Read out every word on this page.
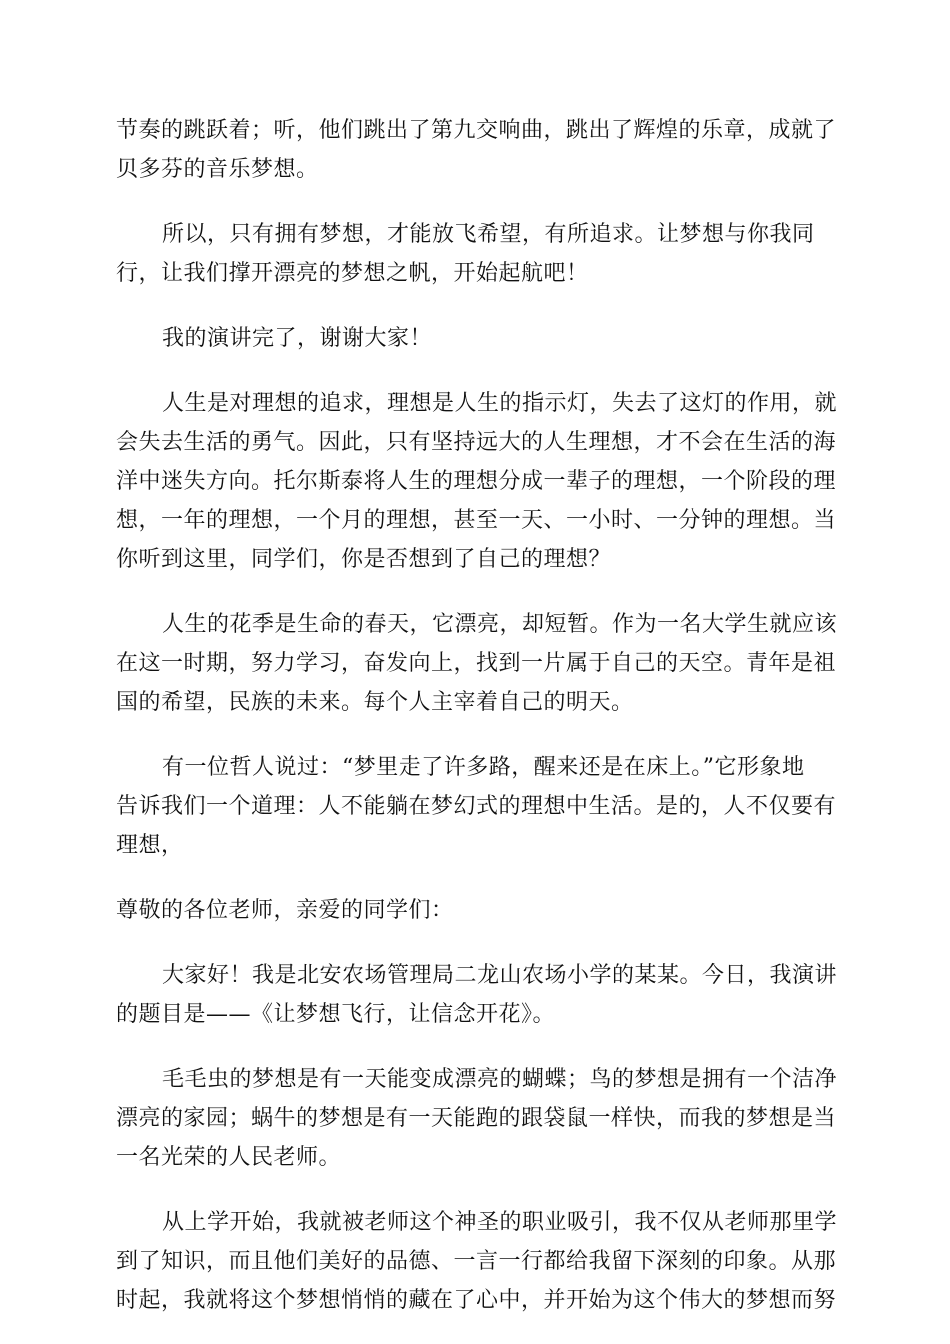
节奏的跳跃着；听，他们跳出了第九交响曲，跳出了辉煌的乐章，成就了
贝多芬的音乐梦想。
所以，只有拥有梦想，才能放飞希望，有所追求。让梦想与你我同
行，让我们撑开漂亮的梦想之帆，开始起航吧！
我的演讲完了，谢谢大家！
人生是对理想的追求，理想是人生的指示灯，失去了这灯的作用，就
会失去生活的勇气。因此，只有坚持远大的人生理想，才不会在生活的海
洋中迷失方向。托尔斯泰将人生的理想分成一辈子的理想，一个阶段的理
想，一年的理想，一个月的理想，甚至一天、一小时、一分钟的理想。当
你听到这里，同学们，你是否想到了自己的理想？
人生的花季是生命的春天，它漂亮，却短暂。作为一名大学生就应该
在这一时期，努力学习，奋发向上，找到一片属于自己的天空。青年是祖
国的希望，民族的未来。每个人主宰着自己的明天。
有一位哲人说过：“梦里走了许多路，醒来还是在床上。”它形象地
告诉我们一个道理：人不能躺在梦幻式的理想中生活。是的，人不仅要有
理想，
尊敬的各位老师，亲爱的同学们：
大家好！我是北安农场管理局二龙山农场小学的某某。今日，我演讲
的题目是——《让梦想飞行，让信念开花》。
毛毛虫的梦想是有一天能变成漂亮的蝴蝶；鸟的梦想是拥有一个洁净
漂亮的家园；蜗牛的梦想是有一天能跑的跟袋鼠一样快，而我的梦想是当
一名光荣的人民老师。
从上学开始，我就被老师这个神圣的职业吸引，我不仅从老师那里学
到了知识，而且他们美好的品德、一言一行都给我留下深刻的印象。从那
时起，我就将这个梦想悄悄的藏在了心中，并开始为这个伟大的梦想而努
